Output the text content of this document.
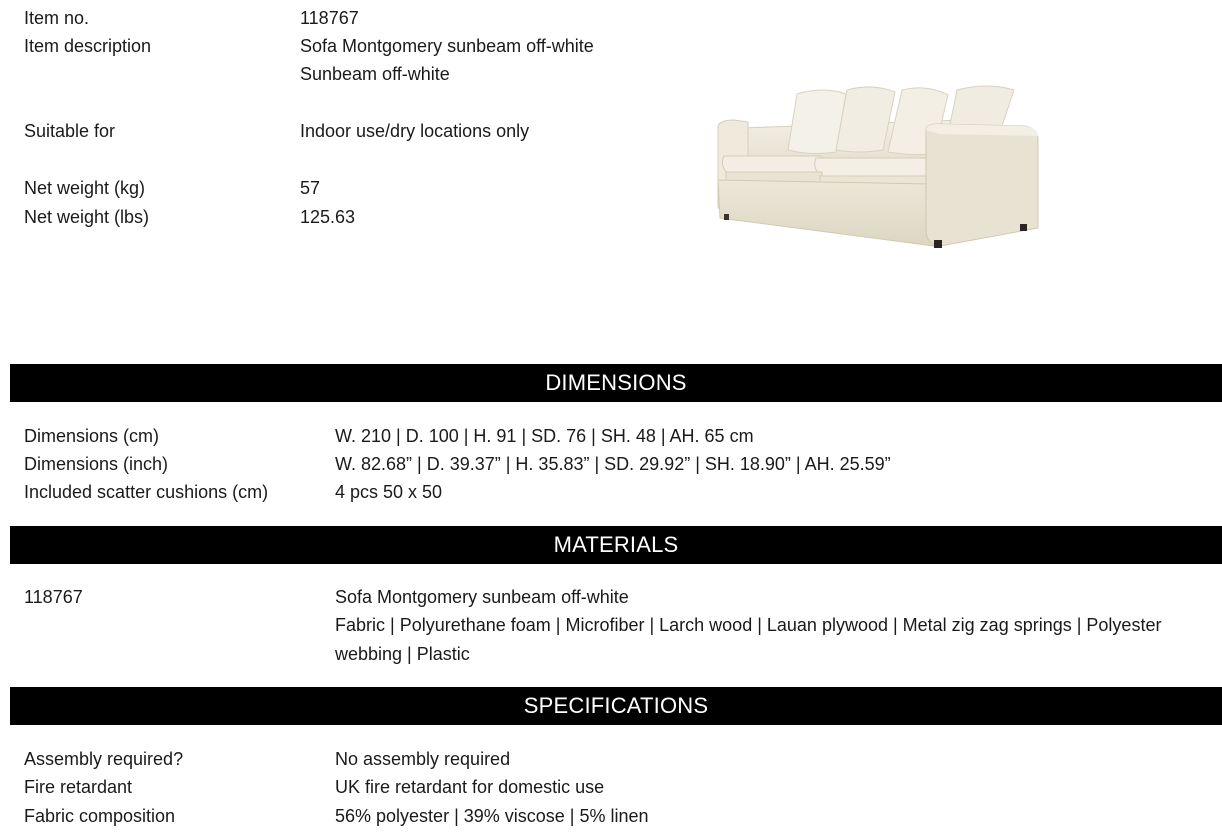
Item no.	118767
Item description	Sofa Montgomery sunbeam off-white
Sunbeam off-white
Suitable for	Indoor use/dry locations only
Net weight (kg)	57
Net weight (lbs)	125.63
DIMENSIONS
Dimensions (cm)	W. 210 | D. 100 | H. 91 | SD. 76 | SH. 48 | AH. 65 cm
Dimensions (inch)	W. 82.68” | D. 39.37” | H. 35.83” | SD. 29.92” | SH. 18.90” | AH. 25.59”
Included scatter cushions (cm)	4 pcs 50 x 50
MATERIALS
118767	Sofa Montgomery sunbeam off-white
Fabric | Polyurethane foam | Microfiber | Larch wood | Lauan plywood | Metal zig zag springs | Polyester
webbing | Plastic
SPECIFICATIONS
Assembly required?	No assembly required
Fire retardant	UK fire retardant for domestic use
Fabric composition	56% polyester | 39% viscose | 5% linen
